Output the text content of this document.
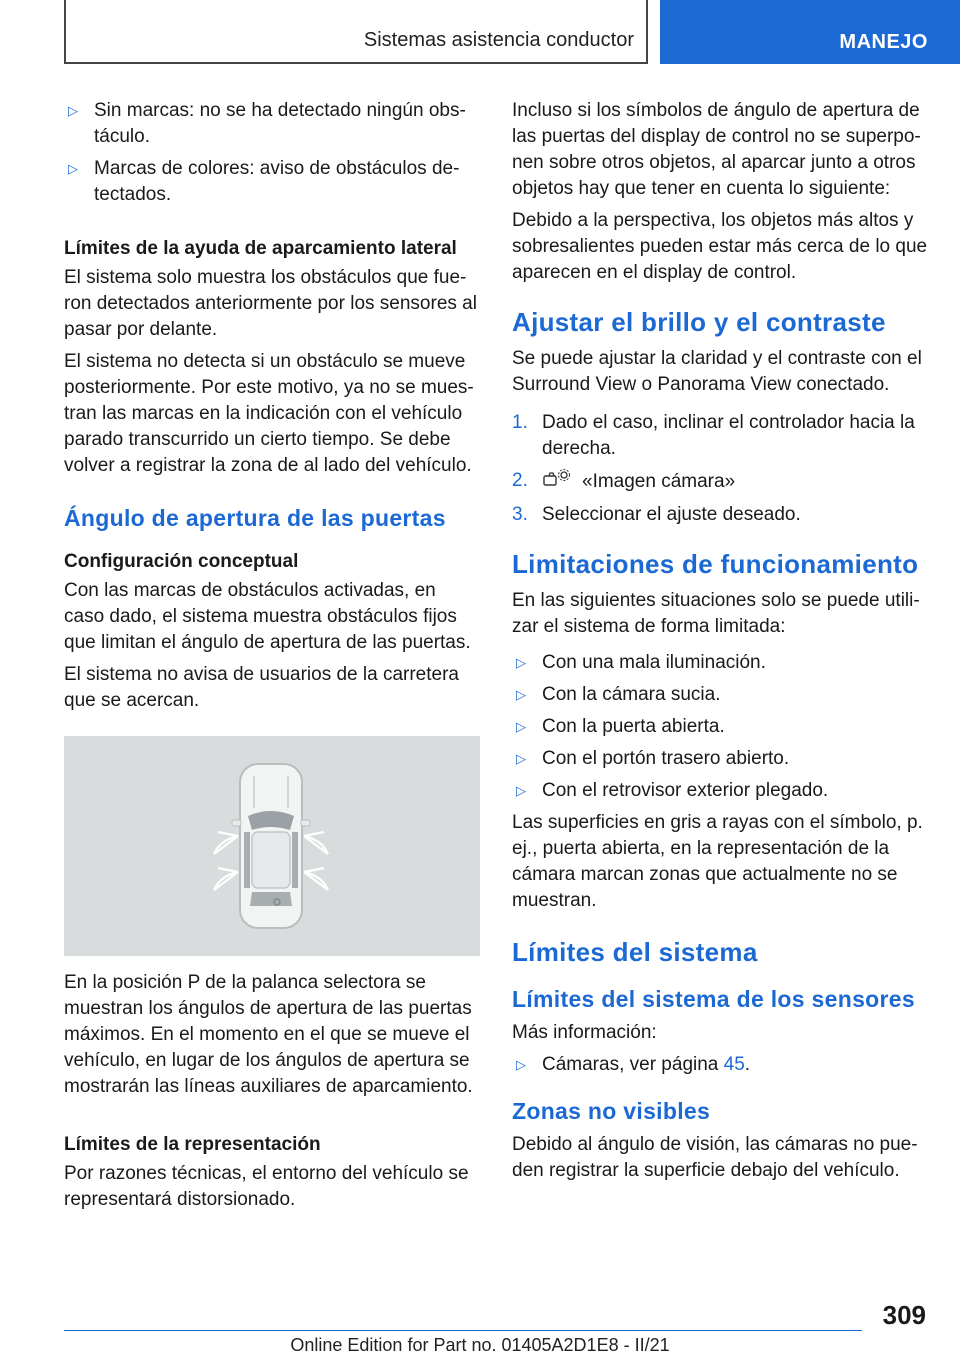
Sistemas asistencia conductor	MANEJO
▷ Sin marcas: no se ha detectado ningún obstáculo.
▷ Marcas de colores: aviso de obstáculos detectados.
Límites de la ayuda de aparcamiento lateral

El sistema solo muestra los obstáculos que fueron detectados anteriormente por los sensores al pasar por delante.

El sistema no detecta si un obstáculo se mueve posteriormente. Por este motivo, ya no se muestran las marcas en la indicación con el vehículo parado transcurrido un cierto tiempo. Se debe volver a registrar la zona de al lado del vehículo.

Ángulo de apertura de las puertas
Configuración conceptual

Con las marcas de obstáculos activadas, en caso dado, el sistema muestra obstáculos fijos que limitan el ángulo de apertura de las puertas.

El sistema no avisa de usuarios de la carretera que se acercan.

En la posición P de la palanca selectora se muestran los ángulos de apertura de las puertas máximos. En el momento en el que se mueve el vehículo, en lugar de los ángulos de apertura se mostrarán las líneas auxiliares de aparcamiento.

Límites de la representación

Por razones técnicas, el entorno del vehículo se representará distorsionado.

Incluso si los símbolos de ángulo de apertura de las puertas del display de control no se superponen sobre otros objetos, al aparcar junto a otros objetos hay que tener en cuenta lo siguiente:

Debido a la perspectiva, los objetos más altos y sobresalientes pueden estar más cerca de lo que aparecen en el display de control.

Ajustar el brillo y el contraste

Se puede ajustar la claridad y el contraste con el Surround View o Panorama View conectado.

1. Dado el caso, inclinar el controlador hacia la derecha.
2.	«Imagen cámara»
3. Seleccionar el ajuste deseado.
Limitaciones de funcionamiento

En las siguientes situaciones solo se puede utilizar el sistema de forma limitada:

▷ Con una mala iluminación.
▷ Con la cámara sucia.
▷ Con la puerta abierta.
▷ Con el portón trasero abierto.
▷ Con el retrovisor exterior plegado.

Las superficies en gris a rayas con el símbolo, p. ej., puerta abierta, en la representación de la cámara marcan zonas que actualmente no se muestran.

Límites del sistema
Límites del sistema de los sensores

Más información:

▷ Cámaras, ver página 45.
Zonas no visibles

Debido al ángulo de visión, las cámaras no pueden registrar la superficie debajo del vehículo.

309
Online Edition for Part no. 01405A2D1E8 - II/21
